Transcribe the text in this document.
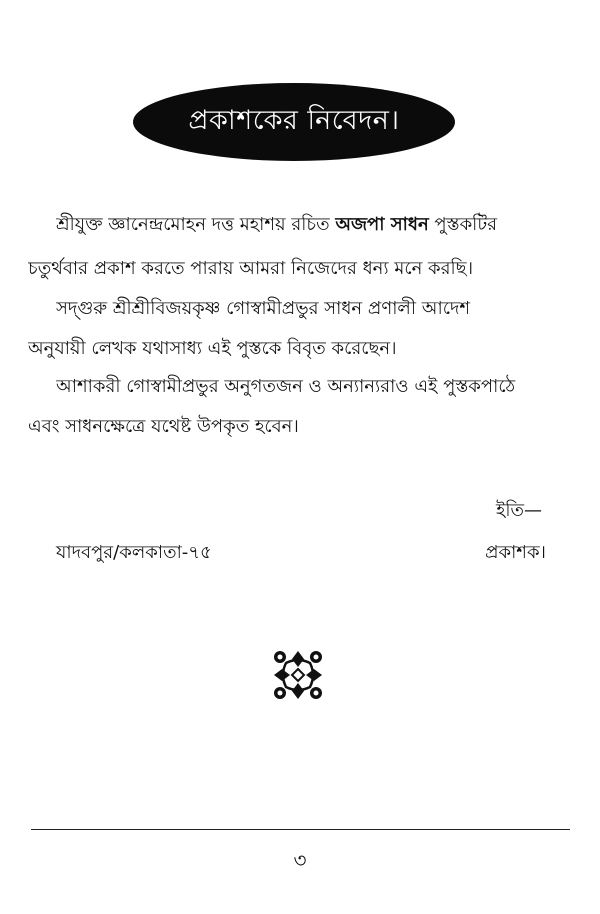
প্রকাশকের নিবেদন।
শ্রীযুক্ত জ্ঞানেন্দ্রমোহন দত্ত মহাশয় রচিত অজপা সাধন পুস্তকটির
চতুর্থবার প্রকাশ করতে পারায় আমরা নিজেদের ধন্য মনে করছি।
সদ্‌গুরু শ্রীশ্রীবিজয়কৃষ্ণ গোস্বামীপ্রভুর সাধন প্রণালী আদেশ
অনুযায়ী লেখক যথাসাধ্য এই পুস্তকে বিবৃত করেছেন।
আশাকরী গোস্বামীপ্রভুর অনুগতজন ও অন্যান্যরাও এই পুস্তকপাঠে
এবং সাধনক্ষেত্রে যথেষ্ট উপকৃত হবেন।
ইতি—
যাদবপুর/কলকাতা-৭৫	প্রকাশক।
৩
